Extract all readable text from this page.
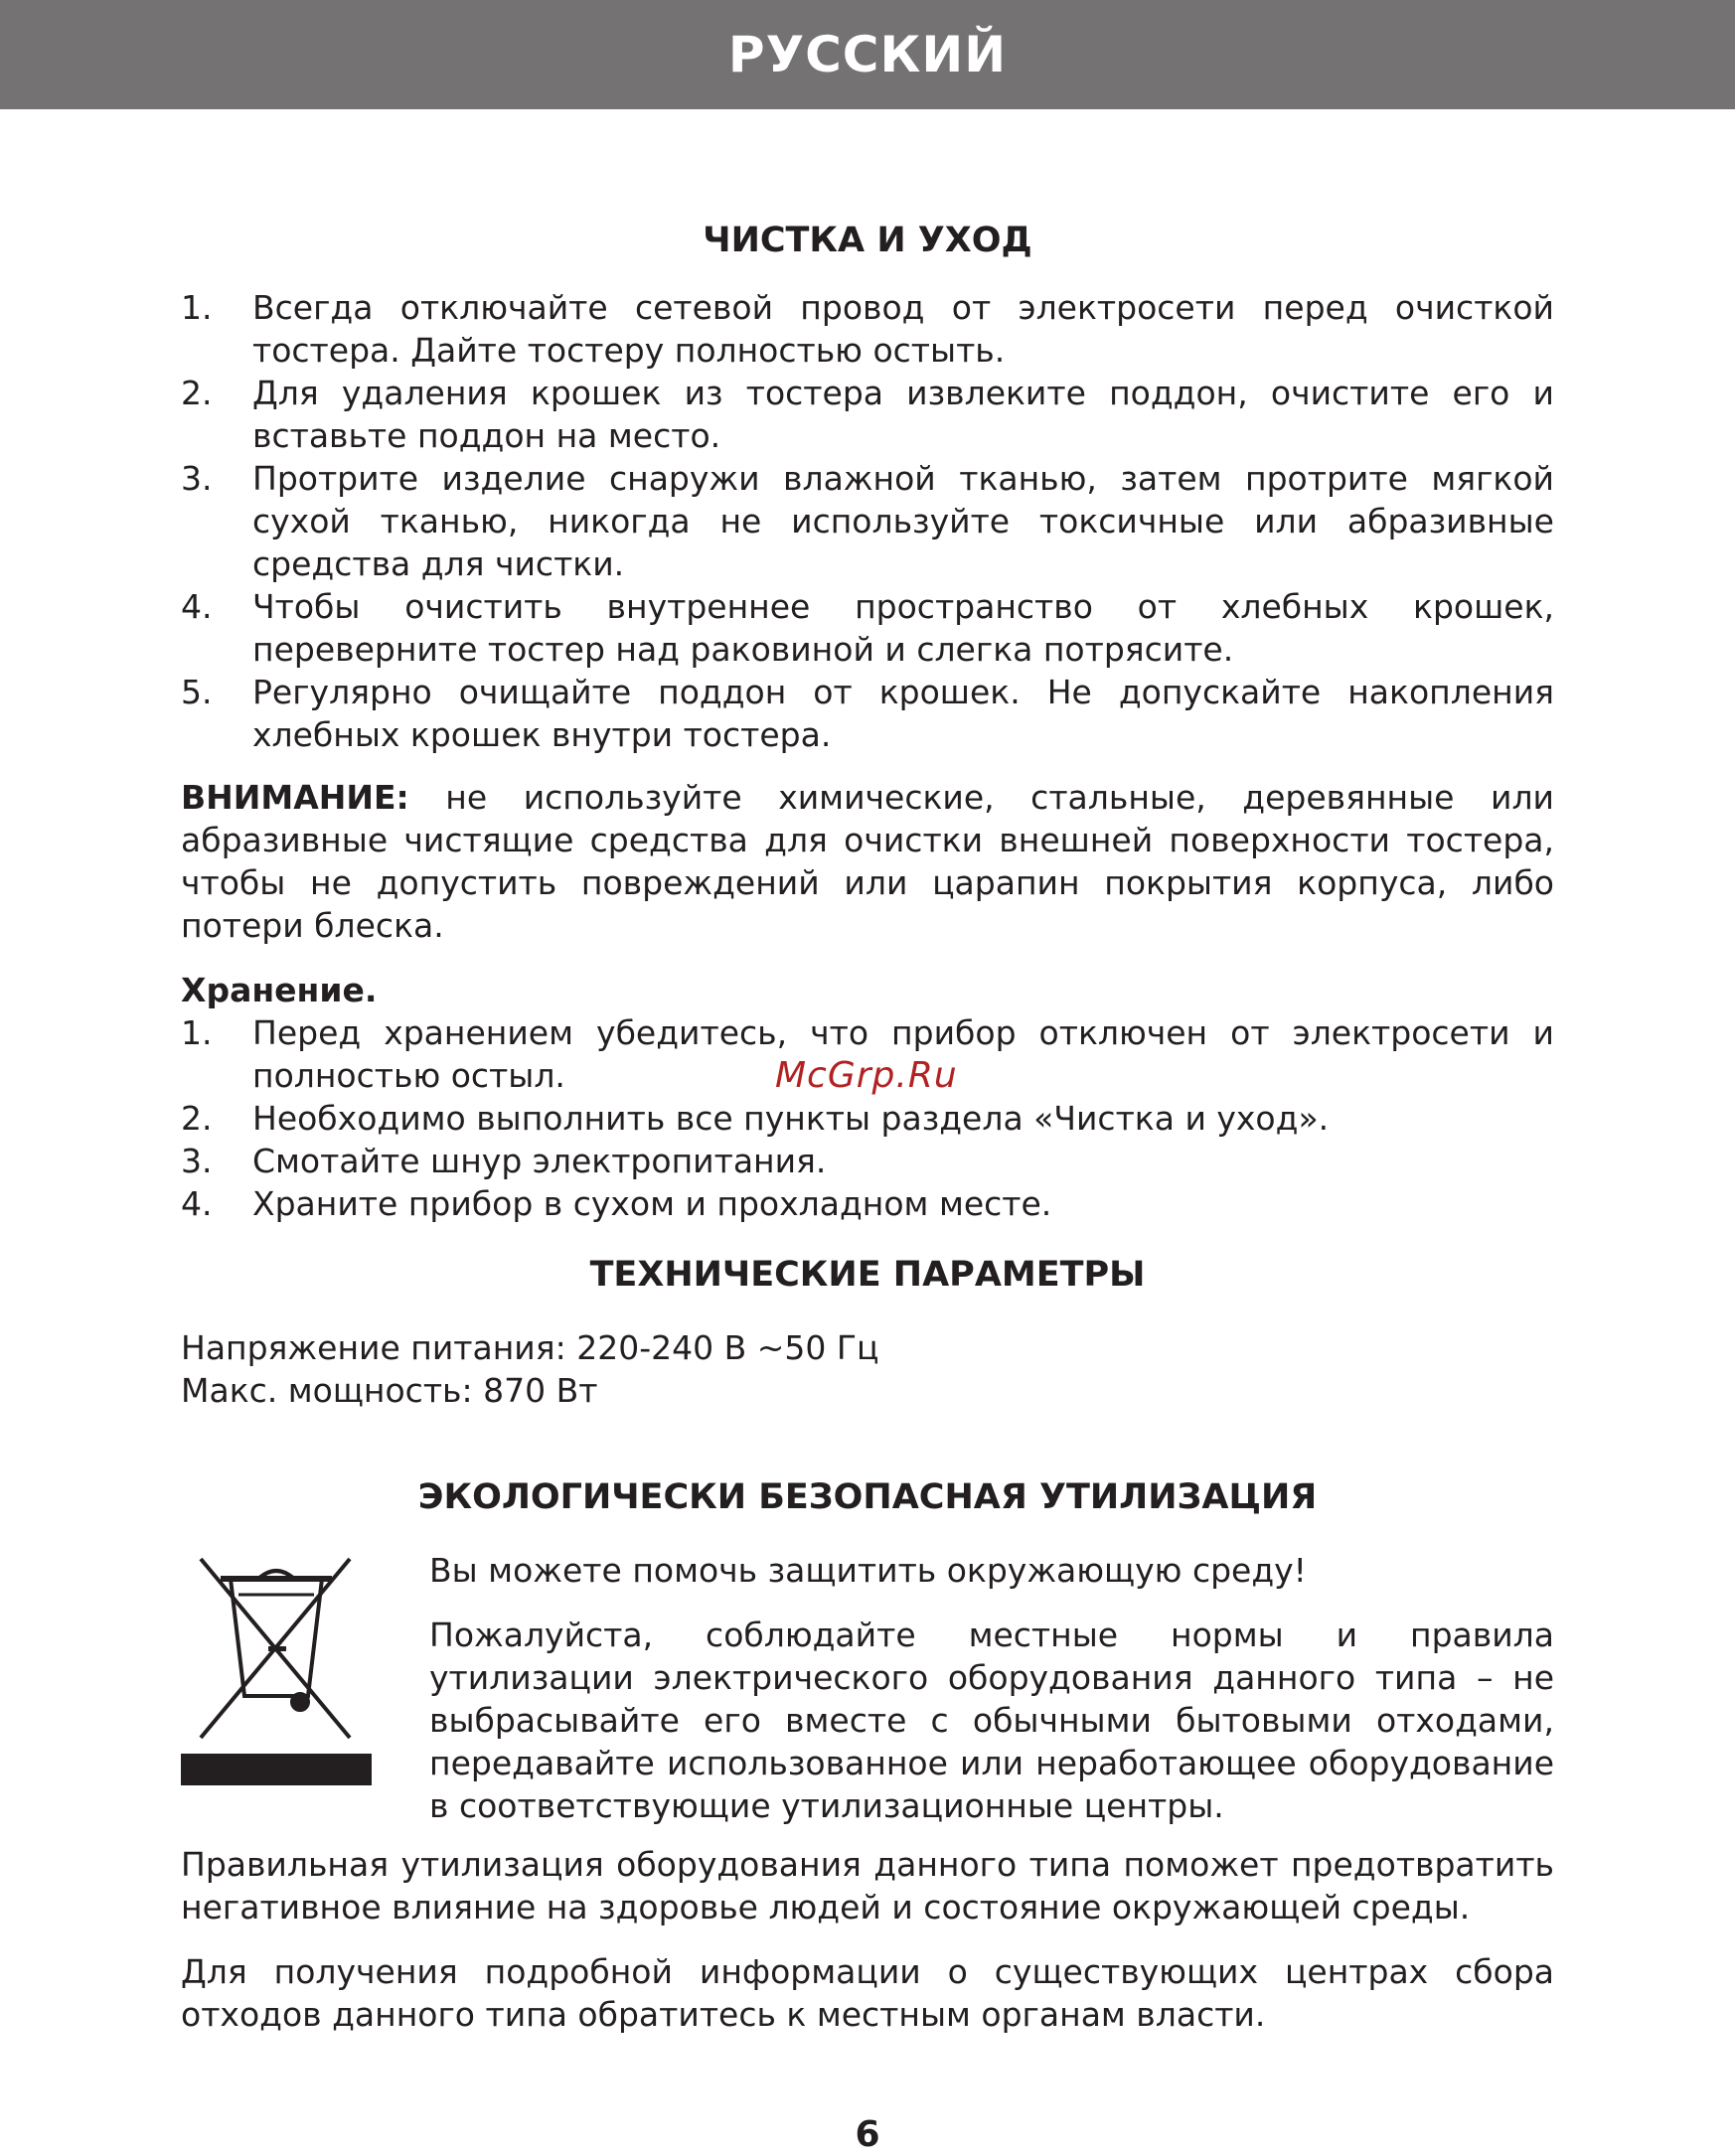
РУССКИЙ
ЧИСТКА И УХОД
1. Всегда отключайте сетевой провод от электросети перед очисткой тостера. Дайте тостеру полностью остыть.
2. Для удаления крошек из тостера извлеките поддон, очистите его и вставьте поддон на место.
3. Протрите изделие снаружи влажной тканью, затем протрите мягкой сухой тканью, никогда не используйте токсичные или абразивные средства для чистки.
4. Чтобы очистить внутреннее пространство от хлебных крошек, переверните тостер над раковиной и слегка потрясите.
5. Регулярно очищайте поддон от крошек. Не допускайте накопления хлебных крошек внутри тостера.

ВНИМАНИЕ: не используйте химические, стальные, деревянные или абразивные чистящие средства для очистки внешней поверхности тостера, чтобы не допустить повреждений или царапин покрытия корпуса, либо потери блеска.

Хранение.

1. Перед хранением убедитесь, что прибор отключен от электросети и полностью остыл.
2. Необходимо выполнить все пункты раздела «Чистка и уход».
3. Смотайте шнур электропитания.
4. Храните прибор в сухом и прохладном месте.
ТЕХНИЧЕСКИЕ ПАРАМЕТРЫ

Напряжение питания: 220-240 В ~50 Гц

Макс. мощность: 870 Вт

ЭКОЛОГИЧЕСКИ БЕЗОПАСНАЯ УТИЛИЗАЦИЯ

Вы можете помочь защитить окружающую среду!

Пожалуйста, соблюдайте местные нормы и правила утилизации электрического оборудования данного типа – не выбрасывайте его вместе с обычными бытовыми отходами, передавайте использованное или неработающее оборудование в соответствующие утилизационные центры.

Правильная утилизация оборудования данного типа поможет предотвратить негативное влияние на здоровье людей и состояние окружающей среды.

Для получения подробной информации о существующих центрах сбора отходов данного типа обратитесь к местным органам власти.

McGrp.Ru
6
